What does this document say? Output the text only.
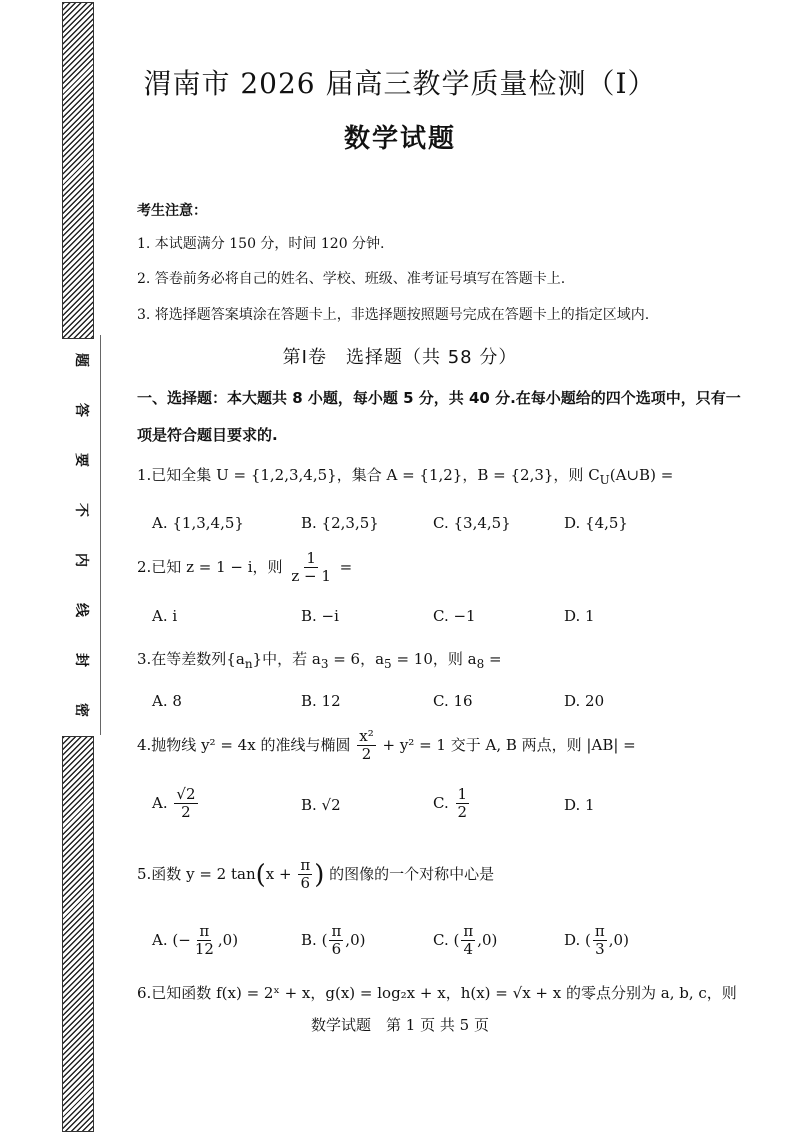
题
答
要
不
内
线
封
密
渭南市 2026 届高三教学质量检测（Ⅰ）
数学试题
考生注意：
1. 本试题满分 150 分，时间 120 分钟.
2. 答卷前务必将自己的姓名、学校、班级、准考证号填写在答题卡上.
3. 将选择题答案填涂在答题卡上，非选择题按照题号完成在答题卡上的指定区域内.
第Ⅰ卷　选择题（共 58 分）
一、选择题：本大题共 8 小题，每小题 5 分，共 40 分.在每小题给的四个选项中，只有一
项是符合题目要求的.
1.已知全集 U = {1,2,3,4,5}，集合 A = {1,2}，B = {2,3}，则 $C_U(A\cup B)$ =
A. {1,3,4,5}	B. {2,3,5}	C. {3,4,5}	D. {4,5}
2.已知 z = 1 − i，则 $\frac{1}{z - 1}$ =
A. i	B. −i	C. −1	D. 1
3.在等差数列$\{a_n\}$中，若 $a_3 = 6$，$a_5 = 10$，则 $a_8$ =
A. 8	B. 12	C. 16	D. 20
4.抛物线 y² = 4x 的准线与椭圆 $\frac{\text{x²}}{2} + y^2 = 1$ 交于 A, B 两点，则 |AB| =
A. $\frac{√2}{2}$	B. √2	C. $\frac{1}{2}$	D. 1
5.函数 y = 2 $\tan(x + \frac{\pi}{6}$ ) 的图像的一个对称中心是
A. (− $\frac{\pi}{12} ,0$)	B. ( $\frac{\pi}{6} ,0$)	C. ( $\frac{\pi}{4} ,0$)	D. ( $\frac{\pi}{3} ,0$)
6.已知函数 f(x) = 2ˣ + x，g(x) = log₂x + x，h(x) = √x + x 的零点分别为 a, b, c，则
数学试题　第 1 页 共 5 页
